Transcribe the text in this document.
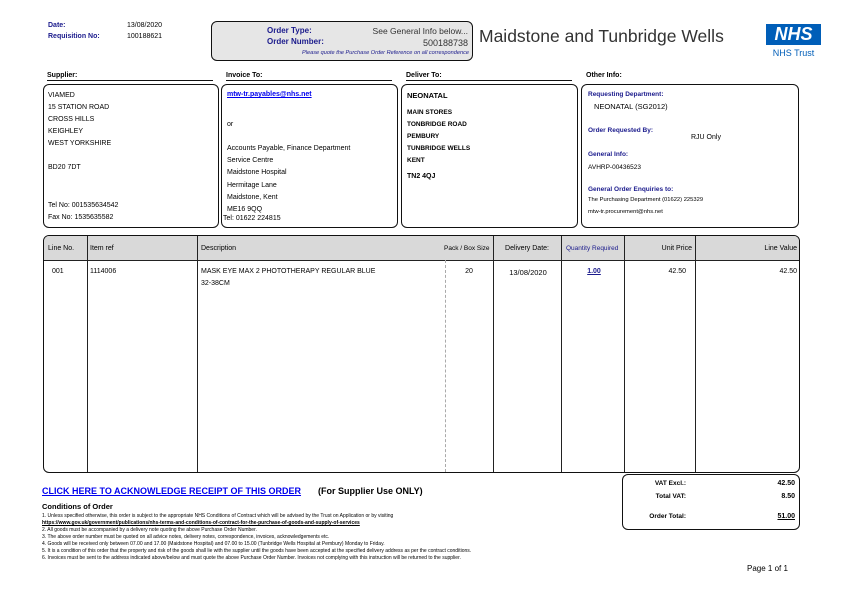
Date:	13/08/2020
Requisition No:	100188621
Order Type:	See General Info below...
Order Number:	500188738
Please quote the Purchase Order Reference on all correspondence
Maidstone and Tunbridge Wells	NHS
NHS Trust
Supplier:	Invoice To:	Deliver To:	Other Info:
VIAMED
15 STATION ROAD
CROSS HILLS
KEIGHLEY
WEST YORKSHIRE
BD20 7DT
Tel No: 001535634542
Fax No: 1535635582
mtw-tr.payables@nhs.net
or
Accounts Payable, Finance Department
Service Centre
Maidstone Hospital
Hermitage Lane
Maidstone, Kent
ME16 9QQ
Tel: 01622 224815
NEONATAL
MAIN STORES
TONBRIDGE ROAD
PEMBURY
TUNBRIDGE WELLS
KENT
TN2 4QJ
Requesting Department:
NEONATAL (SG2012)
Order Requested By:
RJU Only
General Info:
AVHRP-00436523
General Order Enquiries to:
The Purchasing Department (01622) 225329
mtw-tr.procurement@nhs.net
Line No. Item ref	Description	Pack / Box Size	Delivery Date:	Quantity Required	Unit Price	Line Value
001	1114006	MASK EYE MAX 2 PHOTOTHERAPY REGULAR BLUE
32-38CM
20	13/08/2020	1.00	42.50	42.50
VAT Excl.:	42.50
Total VAT:	8.50
Order Total:	51.00
CLICK HERE TO ACKNOWLEDGE RECEIPT OF THIS ORDER (For Supplier Use ONLY)
Conditions of Order
1. Unless specified otherwise, this order is subject to the appropriate NHS Conditions of Contract which will be advised by the Trust on Application or by visiting
https://www.gov.uk/government/publications/nhs-terms-and-conditions-of-contract-for-the-purchase-of-goods-and-supply-of-services
2. All goods must be accompanied by a delivery note quoting the above Purchase Order Number.
3. The above order number must be quoted on all advice notes, delivery notes, correspondence, invoices, acknowledgements etc.
4. Goods will be received only between 07.00 and 17.00 (Maidstone Hospital) and 07.00 to 15.00 (Tunbridge Wells Hospital at Pembury) Monday to Friday.
5. It is a condition of this order that the property and risk of the goods shall lie with the supplier until the goods have been accepted at the specified delivery address as per the contract conditions.
6. Invoices must be sent to the address indicated above/below and must quote the above Purchase Order Number. Invoices not complying with this instruction will be returned to the supplier.
Page 1 of 1
